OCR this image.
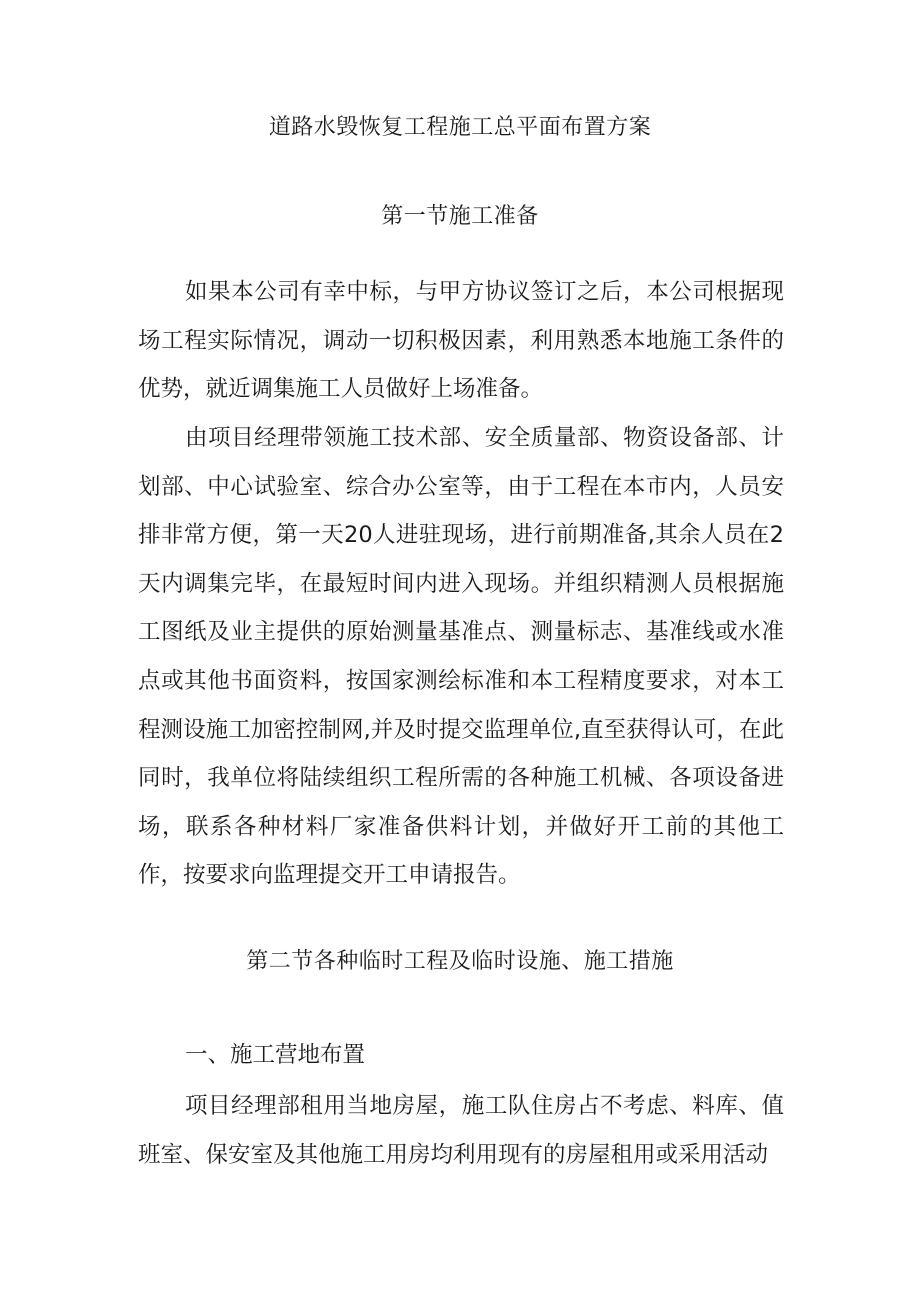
道路水毁恢复工程施工总平面布置方案
第一节施工准备
如果本公司有幸中标，与甲方协议签订之后，本公司根据现场工程实际情况，调动一切积极因素，利用熟悉本地施工条件的优势，就近调集施工人员做好上场准备。
由项目经理带领施工技术部、安全质量部、物资设备部、计划部、中心试验室、综合办公室等，由于工程在本市内，人员安排非常方便，第一天20人进驻现场，进行前期准备,其余人员在2天内调集完毕，在最短时间内进入现场。并组织精测人员根据施工图纸及业主提供的原始测量基准点、测量标志、基准线或水准点或其他书面资料，按国家测绘标准和本工程精度要求，对本工程测设施工加密控制网,并及时提交监理单位,直至获得认可，在此同时，我单位将陆续组织工程所需的各种施工机械、各项设备进场，联系各种材料厂家准备供料计划，并做好开工前的其他工作，按要求向监理提交开工申请报告。
第二节各种临时工程及临时设施、施工措施
一、施工营地布置
项目经理部租用当地房屋，施工队住房占不考虑、料库、值班室、保安室及其他施工用房均利用现有的房屋租用或采用活动
